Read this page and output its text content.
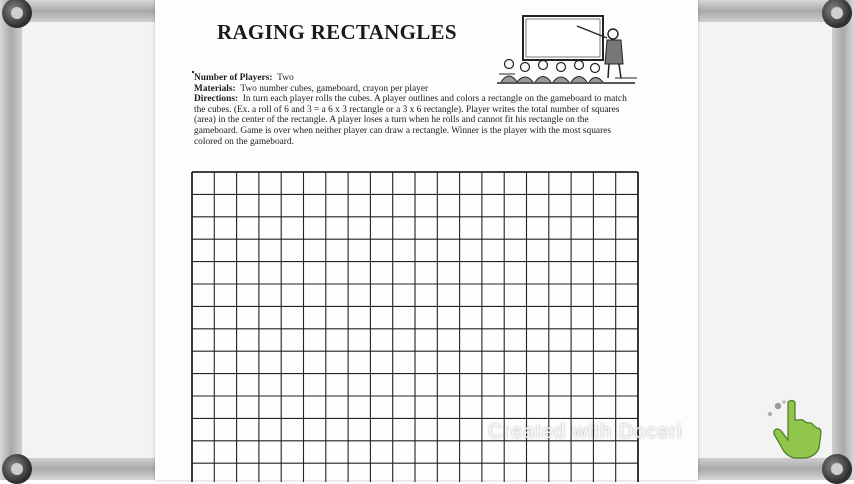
RAGING RECTANGLES

Number of Players: Two

Materials: Two number cubes, gameboard, crayon per player

Directions: In turn each player rolls the cubes. A player outlines and colors a rectangle on the gameboard to match the cubes. (Ex. a roll of 6 and 3 = a 6 x 3 rectangle or a 3 x 6 rectangle). Player writes the total number of squares (area) in the center of the rectangle. A player loses a turn when he rolls and cannot fit his rectangle on the gameboard. Game is over when neither player can draw a rectangle. Winner is the player with the most squares colored on the gameboard.

Created with Doceri
